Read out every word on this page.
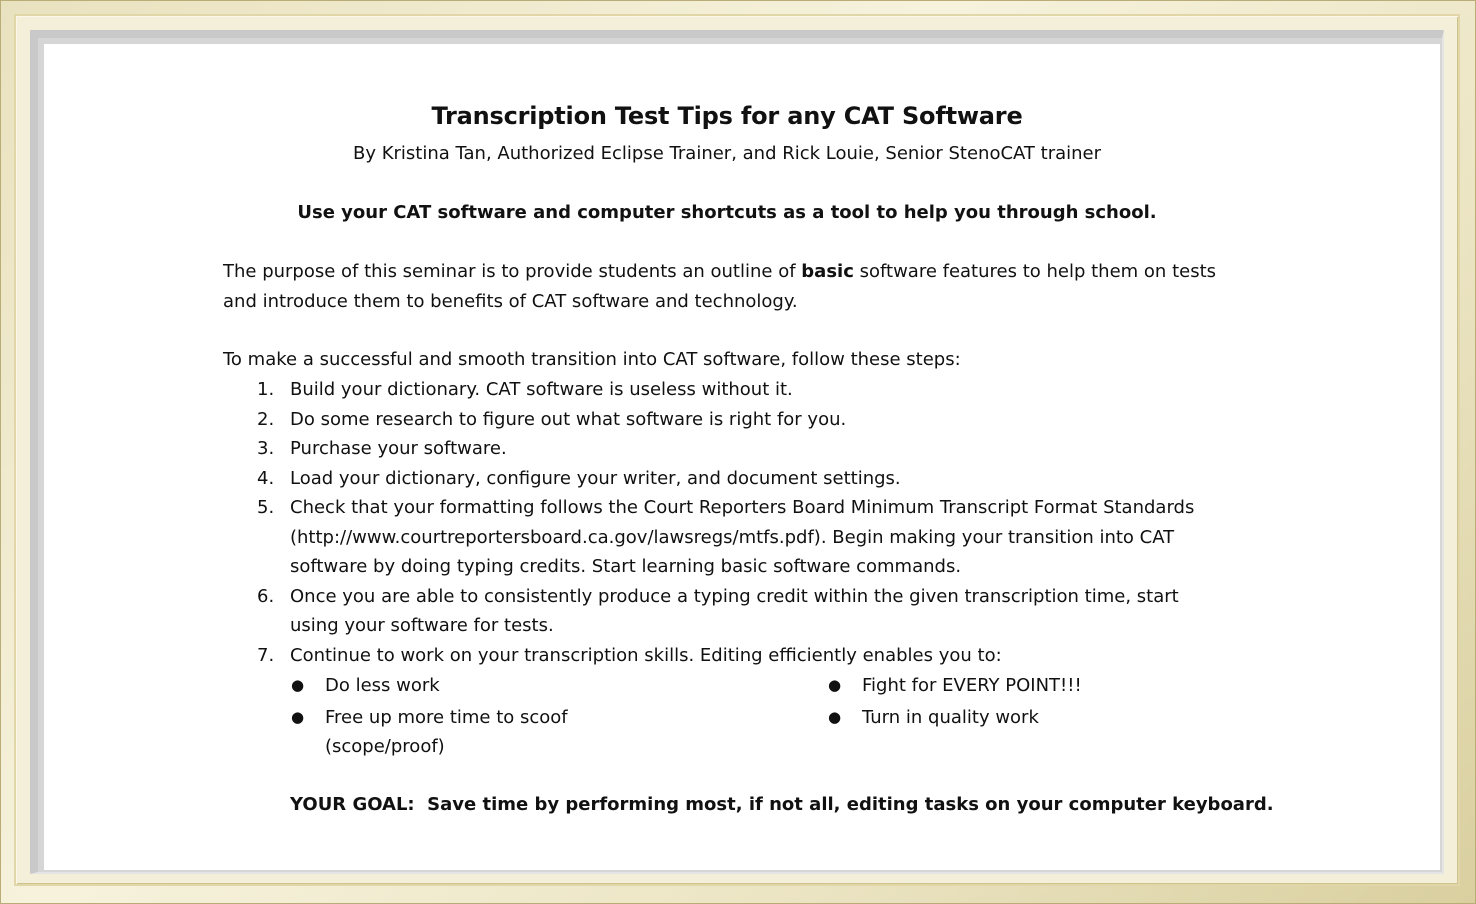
Transcription Test Tips for any CAT Software
By Kristina Tan, Authorized Eclipse Trainer, and Rick Louie, Senior StenoCAT trainer
Use your CAT software and computer shortcuts as a tool to help you through school.
The purpose of this seminar is to provide students an outline of basic software features to help them on tests and introduce them to benefits of CAT software and technology.
To make a successful and smooth transition into CAT software, follow these steps:
1. Build your dictionary. CAT software is useless without it.
2. Do some research to figure out what software is right for you.
3. Purchase your software.
4. Load your dictionary, configure your writer, and document settings.
5. Check that your formatting follows the Court Reporters Board Minimum Transcript Format Standards (http://www.courtreportersboard.ca.gov/lawsregs/mtfs.pdf). Begin making your transition into CAT software by doing typing credits. Start learning basic software commands.
6. Once you are able to consistently produce a typing credit within the given transcription time, start using your software for tests.
7. Continue to work on your transcription skills. Editing efficiently enables you to:
● Do less work
● Free up more time to scoof (scope/proof)
● Fight for EVERY POINT!!!
● Turn in quality work
YOUR GOAL:  Save time by performing most, if not all, editing tasks on your computer keyboard.
